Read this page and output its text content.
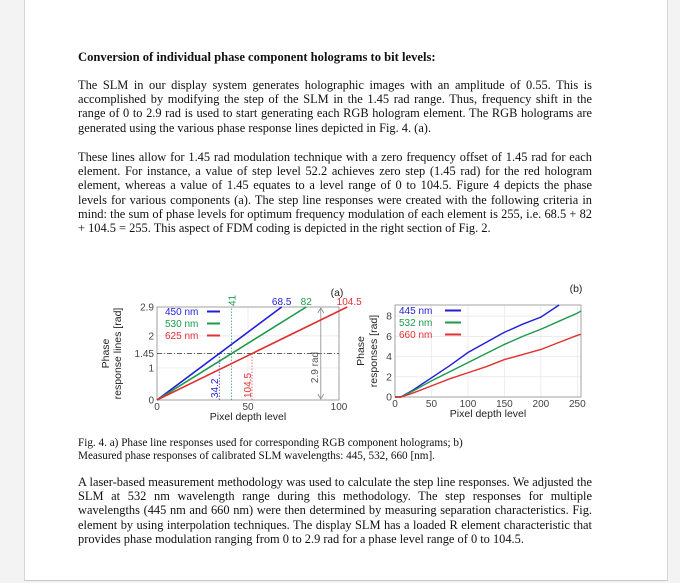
Conversion of individual phase component holograms to bit levels:
The SLM in our display system generates holographic images with an amplitude of 0.55. This is accomplished by modifying the step of the SLM in the 1.45 rad range. Thus, frequency shift in the range of 0 to 2.9 rad is used to start generating each RGB hologram element. The RGB holograms are generated using the various phase response lines depicted in Fig. 4. (a).
These lines allow for 1.45 rad modulation technique with a zero frequency offset of 1.45 rad for each element. For instance, a value of step level 52.2 achieves zero step (1.45 rad) for the red hologram element, whereas a value of 1.45 equates to a level range of 0 to 104.5. Figure 4 depicts the phase levels for various components (a). The step line responses were created with the following criteria in mind: the sum of phase levels for optimum frequency modulation of each element is 255, i.e. 68.5 + 82 + 104.5 = 255. This aspect of FDM coding is depicted in the right section of Fig. 2.
0	50	100
0
1
1.45
2
2.9
Pixel depth level
Phase response lines [rad]
(a)
34.2
41
104.5
2.9 rad
68.5
450 nm
82
530 nm
104.5
625 nm
0	50 100 150 200 250
0
2
4
6
8
Pixel depth level
Phase responses [rad]
(b)
445 nm
532 nm
660 nm
Fig. 4. a) Phase line responses used for corresponding RGB component holograms; b)
Measured phase responses of calibrated SLM wavelengths: 445, 532, 660 [nm].
A laser-based measurement methodology was used to calculate the step line responses. We adjusted the SLM at 532 nm wavelength range during this methodology. The step responses for multiple wavelengths (445 nm and 660 nm) were then determined by measuring separation characteristics. Fig. element by using interpolation techniques. The display SLM has a loaded R element characteristic that provides phase modulation ranging from 0 to 2.9 rad for a phase level range of 0 to 104.5.
